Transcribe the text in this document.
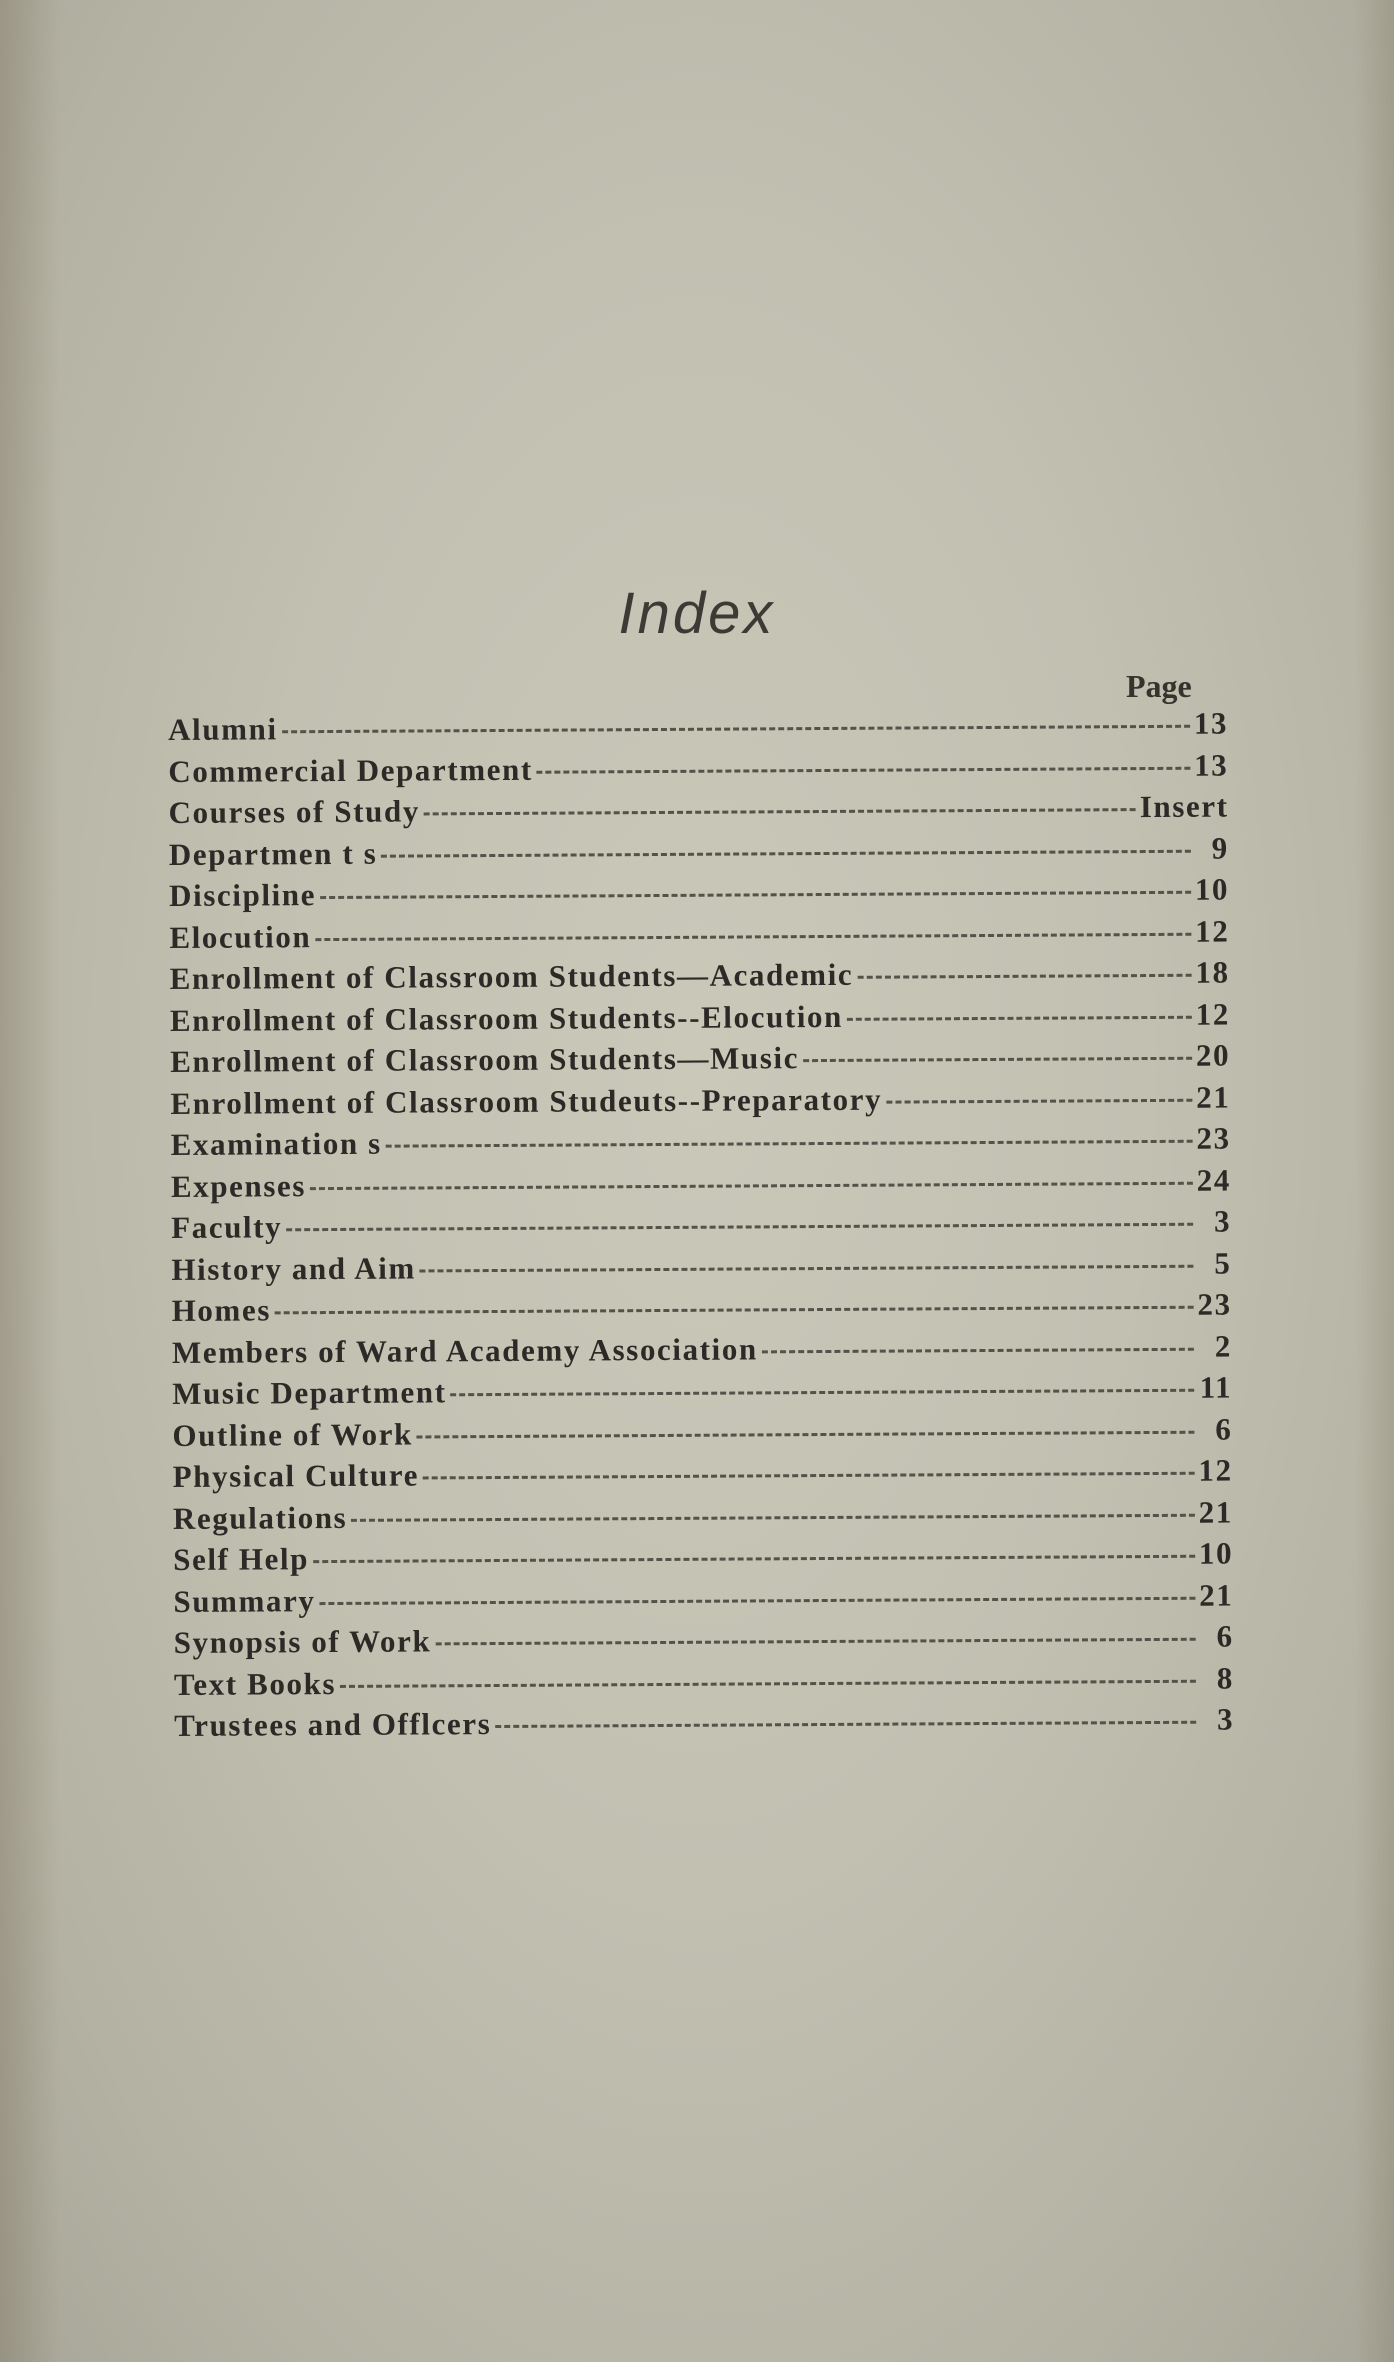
Index
Page
Alumni	13
Commercial Department	13
Courses of Study	Insert
Departmen t s	9
Discipline	10
Elocution	12
Enrollment of Classroom Students—Academic	18
Enrollment of Classroom Students--Elocution	12
Enrollment of Classroom Students—Music	20
Enrollment of Classroom Studeuts--Preparatory	21
Examination s	23
Expenses	24
Faculty	3
History and Aim	5
Homes	23
Members of Ward Academy Association	2
Music Department	11
Outline of Work	6
Physical Culture	12
Regulations	21
Self Help	10
Summary	21
Synopsis of Work	6
Text Books	8
Trustees and Offlcers	3
